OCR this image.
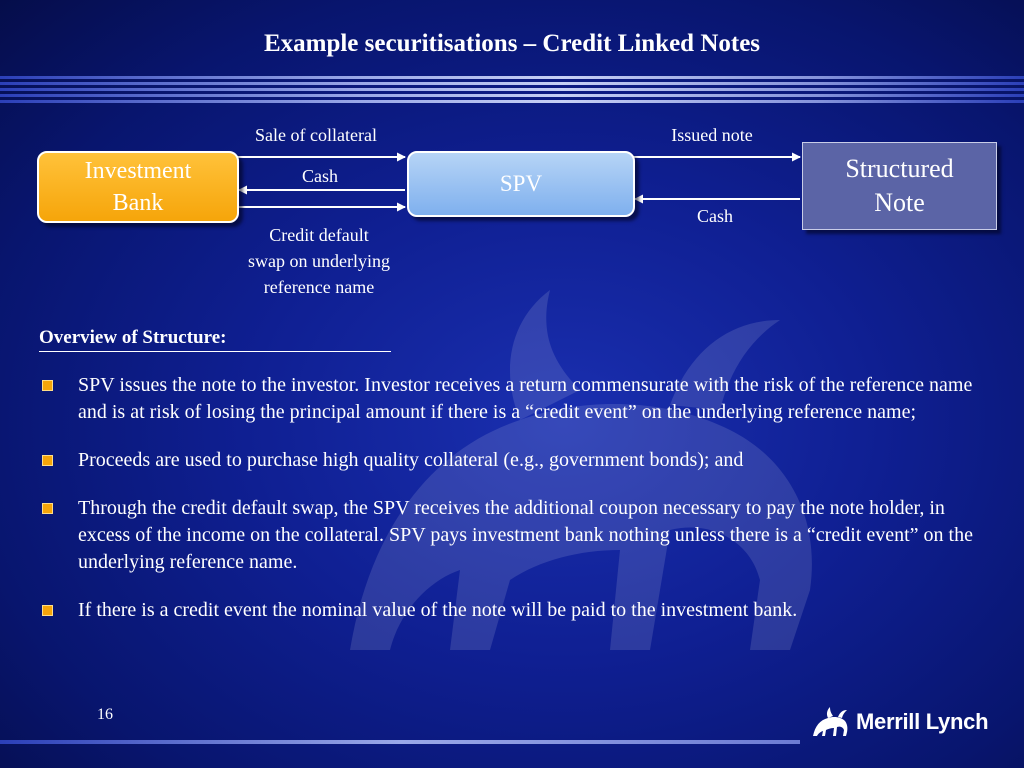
Example securitisations – Credit Linked Notes
Investment
Bank
SPV
Structured
Note
Sale of collateral
Cash
Credit default
swap on underlying
reference name
Issued note
Cash
Overview of Structure:
SPV issues the note to the investor. Investor receives a return commensurate with the risk of the reference name and is at risk of losing the principal amount if there is a “credit event” on the underlying reference name;
Proceeds are used to purchase high quality collateral (e.g., government bonds); and
Through the credit default swap, the SPV receives the additional coupon necessary to pay the note holder, in excess of the income on the collateral. SPV pays investment bank nothing unless there is a “credit event” on the underlying reference name.
If there is a credit event the nominal value of the note will be paid to the investment bank.
16	Merrill Lynch
